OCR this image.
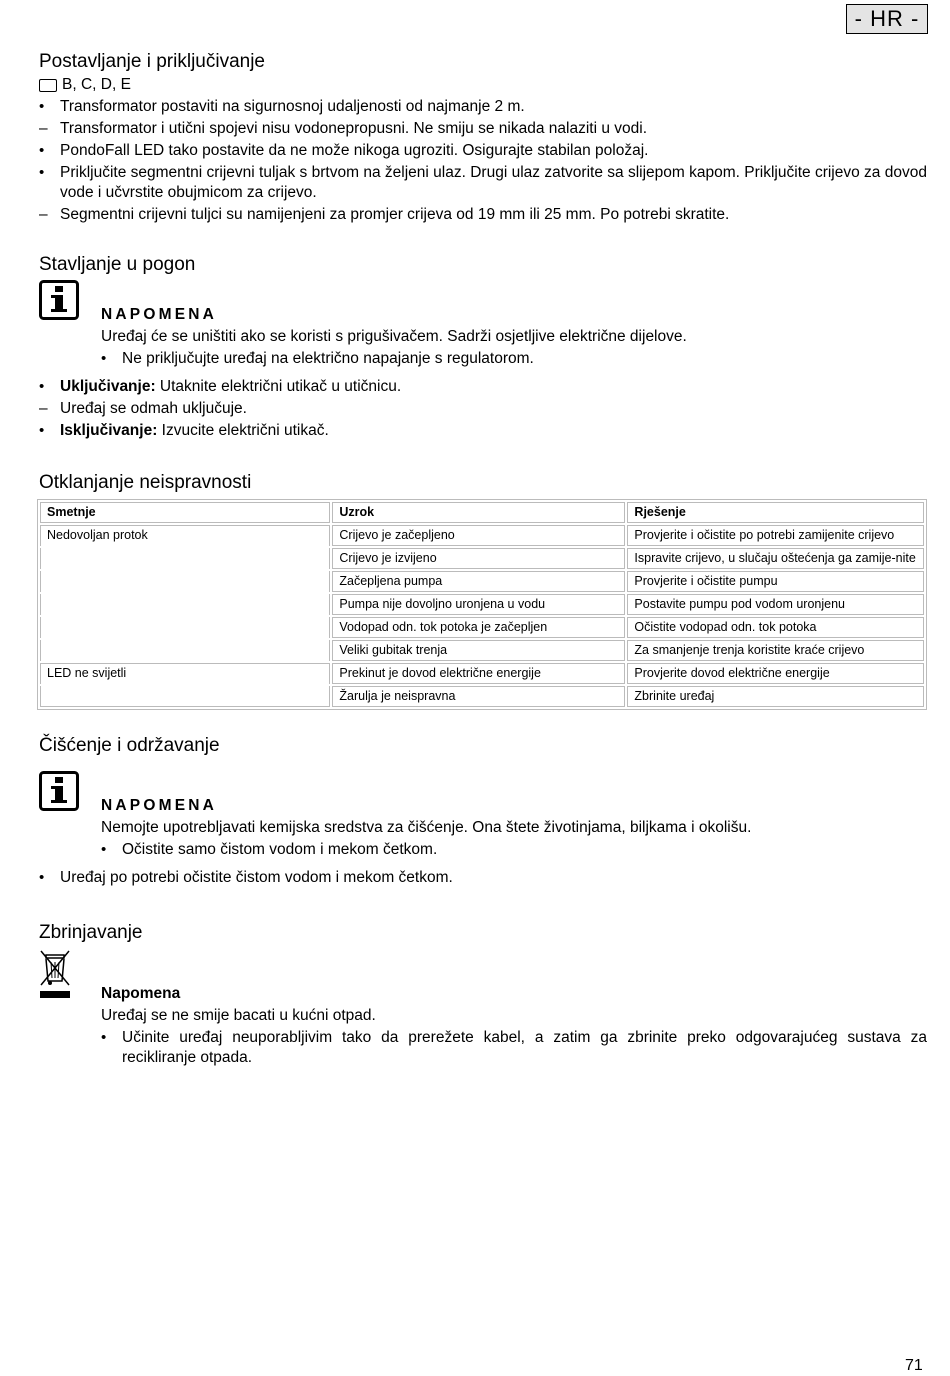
- HR -
Postavljanje i priključivanje
B, C, D, E
• Transformator postaviti na sigurnosnoj udaljenosti od najmanje 2 m.
– Transformator i utični spojevi nisu vodonepropusni. Ne smiju se nikada nalaziti u vodi.
• PondoFall LED tako postavite da ne može nikoga ugroziti. Osigurajte stabilan položaj.
• Priključite segmentni crijevni tuljak s brtvom na željeni ulaz. Drugi ulaz zatvorite sa slijepom kapom. Priključite crijevo za dovod vode i učvrstite obujmicom za crijevo.
– Segmentni crijevni tuljci su namijenjeni za promjer crijeva od 19 mm ili 25 mm. Po potrebi skratite.
Stavljanje u pogon
NAPOMENA
Uređaj će se uništiti ako se koristi s prigušivačem. Sadrži osjetljive električne dijelove.
• Ne priključujte uređaj na električno napajanje s regulatorom.
• Uključivanje: Utaknite električni utikač u utičnicu.
– Uređaj se odmah uključuje.
• Isključivanje: Izvucite električni utikač.
Otklanjanje neispravnosti
Smetnje	Uzrok	Rješenje
Nedovoljan protok	Crijevo je začepljeno	Provjerite i očistite po potrebi zamijenite crijevo
	Crijevo je izvijeno	Ispravite crijevo, u slučaju oštećenja ga zamije-nite
	Začepljena pumpa	Provjerite i očistite pumpu
	Pumpa nije dovoljno uronjena u vodu	Postavite pumpu pod vodom uronjenu
	Vodopad odn. tok potoka je začepljen	Očistite vodopad odn. tok potoka
	Veliki gubitak trenja	Za smanjenje trenja koristite kraće crijevo
LED ne svijetli	Prekinut je dovod električne energije	Provjerite dovod električne energije
	Žarulja je neispravna	Zbrinite uređaj
Čišćenje i održavanje
NAPOMENA
Nemojte upotrebljavati kemijska sredstva za čišćenje. Ona štete životinjama, biljkama i okolišu.
• Očistite samo čistom vodom i mekom četkom.
• Uređaj po potrebi očistite čistom vodom i mekom četkom.
Zbrinjavanje
Napomena
Uređaj se ne smije bacati u kućni otpad.
• Učinite uređaj neuporabljivim tako da prerežete kabel, a zatim ga zbrinite preko odgovarajućeg sustava za recikliranje otpada.
71
